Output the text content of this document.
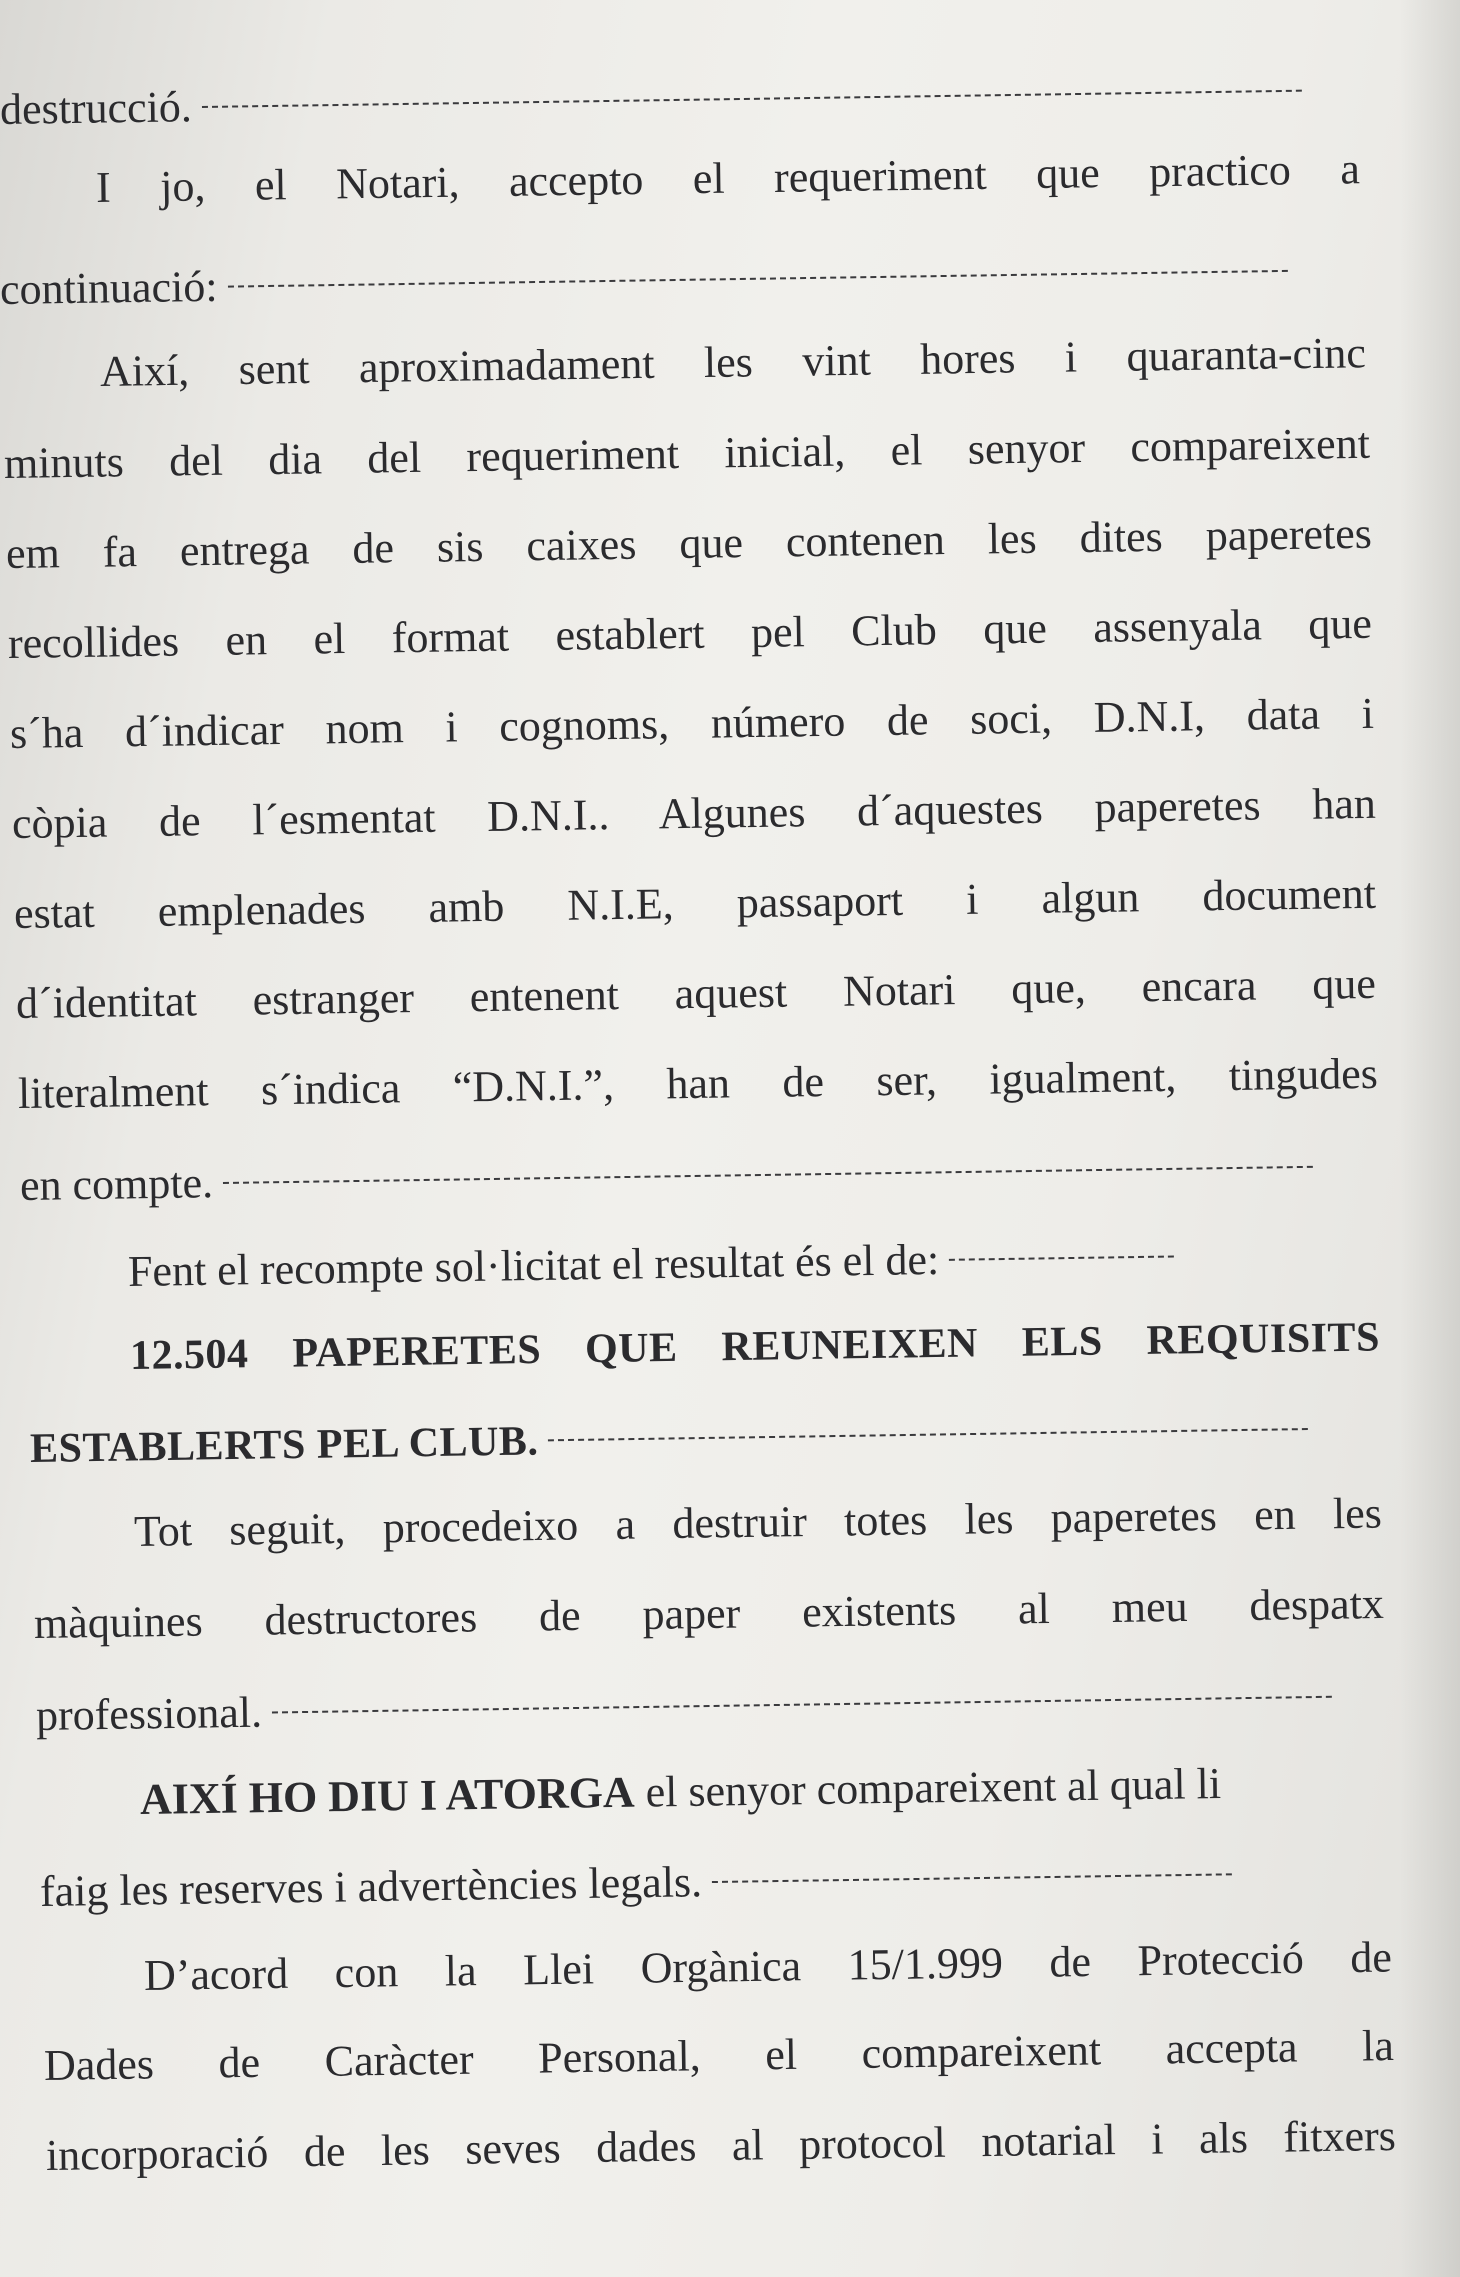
destrucció.
I jo, el Notari, accepto el requeriment que practico a
continuació:
Així, sent aproximadament les vint hores i quaranta-cinc
minuts del dia del requeriment inicial, el senyor compareixent
em fa entrega de sis caixes que contenen les dites paperetes
recollides en el format establert pel Club que assenyala que
s´ha d´indicar nom i cognoms, número de soci, D.N.I, data i
còpia de l´esmentat D.N.I.. Algunes d´aquestes paperetes han
estat emplenades amb N.I.E, passaport i algun document
d´identitat estranger entenent aquest Notari que, encara que
literalment s´indica “D.N.I.”, han de ser, igualment, tingudes
en compte.
Fent el recompte sol·licitat el resultat és el de:
12.504 PAPERETES QUE REUNEIXEN ELS REQUISITS
ESTABLERTS PEL CLUB.
Tot seguit, procedeixo a destruir totes les paperetes en les
màquines destructores de paper existents al meu despatx
professional.
AIXÍ HO DIU I ATORGA el senyor compareixent al qual li
faig les reserves i advertències legals.
D’acord con la Llei Orgànica 15/1.999 de Protecció de
Dades de Caràcter Personal, el compareixent accepta la
incorporació de les seves dades al protocol notarial i als fitxers
